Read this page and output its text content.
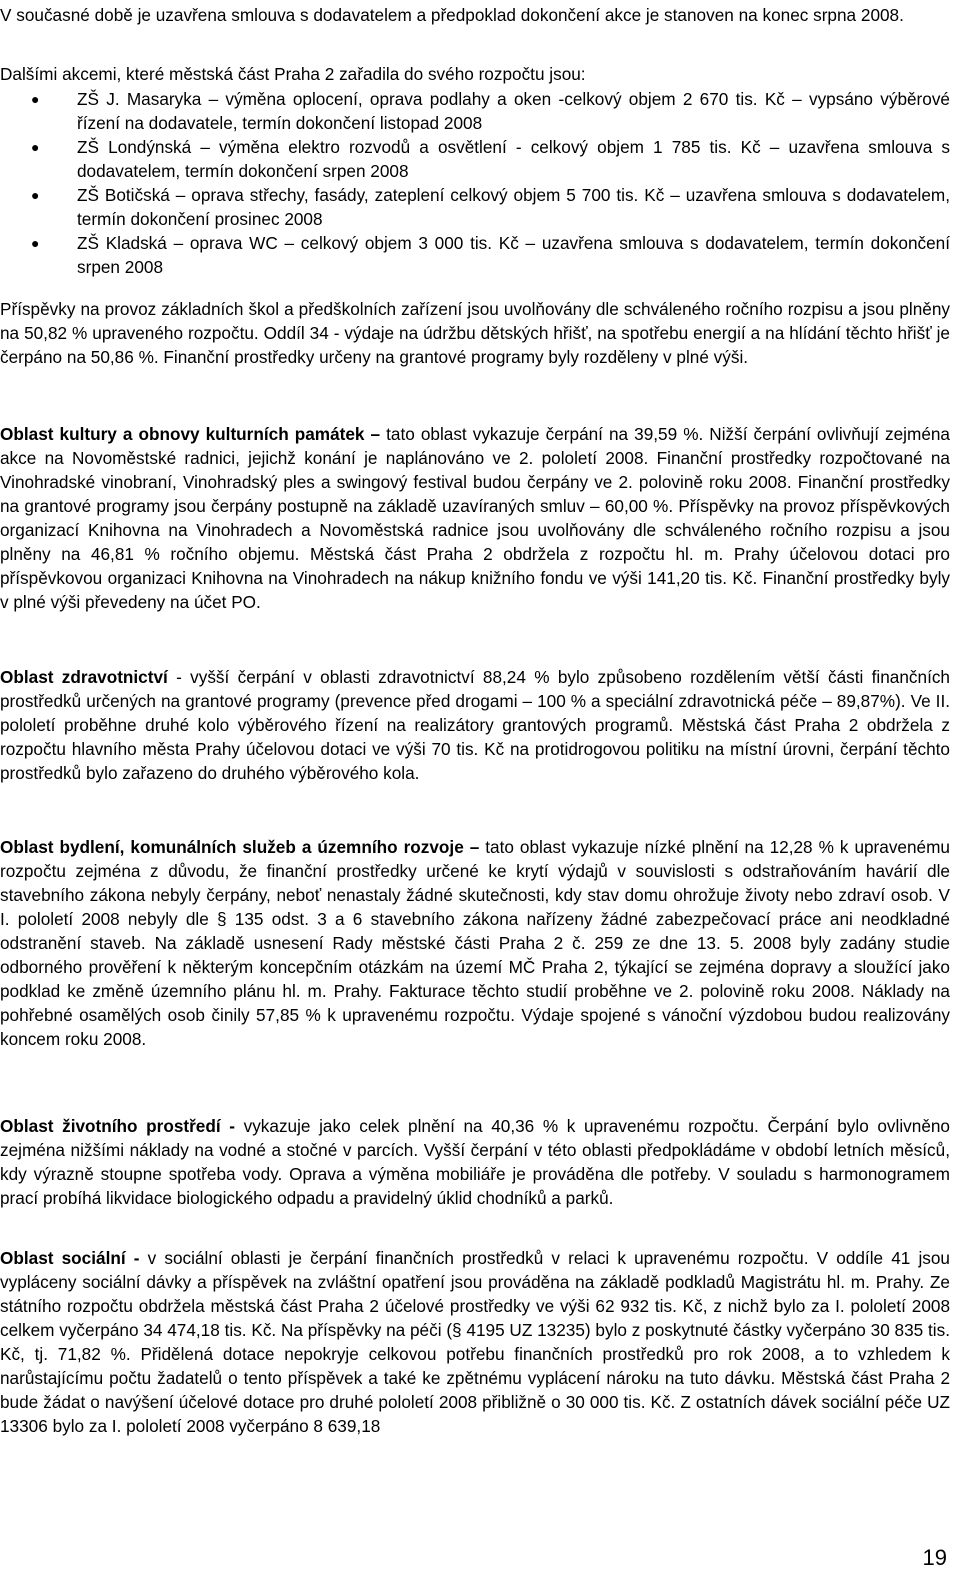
V současné době je uzavřena smlouva s dodavatelem a předpoklad dokončení akce je stanoven na konec srpna 2008.

Dalšími akcemi, které městská část Praha 2 zařadila do svého rozpočtu jsou:

● ZŠ J. Masaryka – výměna oplocení, oprava podlahy a oken -celkový objem 2 670 tis. Kč – vypsáno výběrové řízení na dodavatele, termín dokončení listopad 2008
● ZŠ Londýnská – výměna elektro rozvodů a osvětlení - celkový objem 1 785 tis. Kč – uzavřena smlouva s dodavatelem, termín dokončení srpen 2008
● ZŠ Botičská – oprava střechy, fasády, zateplení celkový objem 5 700 tis. Kč – uzavřena smlouva s dodavatelem, termín dokončení prosinec 2008
● ZŠ Kladská – oprava WC – celkový objem 3 000 tis. Kč – uzavřena smlouva s dodavatelem, termín dokončení srpen 2008

Příspěvky na provoz základních škol a předškolních zařízení jsou uvolňovány dle schváleného ročního rozpisu a jsou plněny na 50,82 % upraveného rozpočtu. Oddíl 34 - výdaje na údržbu dětských hřišť, na spotřebu energií a na hlídání těchto hřišť je čerpáno na 50,86 %. Finanční prostředky určeny na grantové programy byly rozděleny v plné výši.

Oblast kultury a obnovy kulturních památek – tato oblast vykazuje čerpání na 39,59 %. Nižší čerpání ovlivňují zejména akce na Novoměstské radnici, jejichž konání je naplánováno ve 2. pololetí 2008. Finanční prostředky rozpočtované na Vinohradské vinobraní, Vinohradský ples a swingový festival budou čerpány ve 2. polovině roku 2008. Finanční prostředky na grantové programy jsou čerpány postupně na základě uzavíraných smluv – 60,00 %. Příspěvky na provoz příspěvkových organizací Knihovna na Vinohradech a Novoměstská radnice jsou uvolňovány dle schváleného ročního rozpisu a jsou plněny na 46,81 % ročního objemu. Městská část Praha 2 obdržela z rozpočtu hl. m. Prahy účelovou dotaci pro příspěvkovou organizaci Knihovna na Vinohradech na nákup knižního fondu ve výši 141,20 tis. Kč. Finanční prostředky byly v plné výši převedeny na účet PO.

Oblast zdravotnictví - vyšší čerpání v oblasti zdravotnictví 88,24 % bylo způsobeno rozdělením větší části finančních prostředků určených na grantové programy (prevence před drogami – 100 % a speciální zdravotnická péče – 89,87%). Ve II. pololetí proběhne druhé kolo výběrového řízení na realizátory grantových programů. Městská část Praha 2 obdržela z rozpočtu hlavního města Prahy účelovou dotaci ve výši 70 tis. Kč na protidrogovou politiku na místní úrovni, čerpání těchto prostředků bylo zařazeno do druhého výběrového kola.

Oblast bydlení, komunálních služeb a územního rozvoje – tato oblast vykazuje nízké plnění na 12,28 % k upravenému rozpočtu zejména z důvodu, že finanční prostředky určené ke krytí výdajů v souvislosti s odstraňováním havárií dle stavebního zákona nebyly čerpány, neboť nenastaly žádné skutečnosti, kdy stav domu ohrožuje životy nebo zdraví osob. V I. pololetí 2008 nebyly dle § 135 odst. 3 a 6 stavebního zákona nařízeny žádné zabezpečovací práce ani neodkladné odstranění staveb. Na základě usnesení Rady městské části Praha 2 č. 259 ze dne 13. 5. 2008 byly zadány studie odborného prověření k některým koncepčním otázkám na území MČ Praha 2, týkající se zejména dopravy a sloužící jako podklad ke změně územního plánu hl. m. Prahy. Fakturace těchto studií proběhne ve 2. polovině roku 2008. Náklady na pohřebné osamělých osob činily 57,85 % k upravenému rozpočtu. Výdaje spojené s vánoční výzdobou budou realizovány koncem roku 2008.

Oblast životního prostředí - vykazuje jako celek plnění na 40,36 % k upravenému rozpočtu. Čerpání bylo ovlivněno zejména nižšími náklady na vodné a stočné v parcích. Vyšší čerpání v této oblasti předpokládáme v období letních měsíců, kdy výrazně stoupne spotřeba vody. Oprava a výměna mobiliáře je prováděna dle potřeby. V souladu s harmonogramem prací probíhá likvidace biologického odpadu a pravidelný úklid chodníků a parků.

Oblast sociální - v sociální oblasti je čerpání finančních prostředků v relaci k upravenému rozpočtu. V oddíle 41 jsou vypláceny sociální dávky a příspěvek na zvláštní opatření jsou prováděna na základě podkladů Magistrátu hl. m. Prahy. Ze státního rozpočtu obdržela městská část Praha 2 účelové prostředky ve výši 62 932 tis. Kč, z nichž bylo za I. pololetí 2008 celkem vyčerpáno 34 474,18 tis. Kč. Na příspěvky na péči (§ 4195 UZ 13235) bylo z poskytnuté částky vyčerpáno 30 835 tis. Kč, tj. 71,82 %. Přidělená dotace nepokryje celkovou potřebu finančních prostředků pro rok 2008, a to vzhledem k narůstajícímu počtu žadatelů o tento příspěvek a také ke zpětnému vyplácení nároku na tuto dávku. Městská část Praha 2 bude žádat o navýšení účelové dotace pro druhé pololetí 2008 přibližně o 30 000 tis. Kč. Z ostatních dávek sociální péče UZ 13306 bylo za I. pololetí 2008 vyčerpáno 8 639,18

19
